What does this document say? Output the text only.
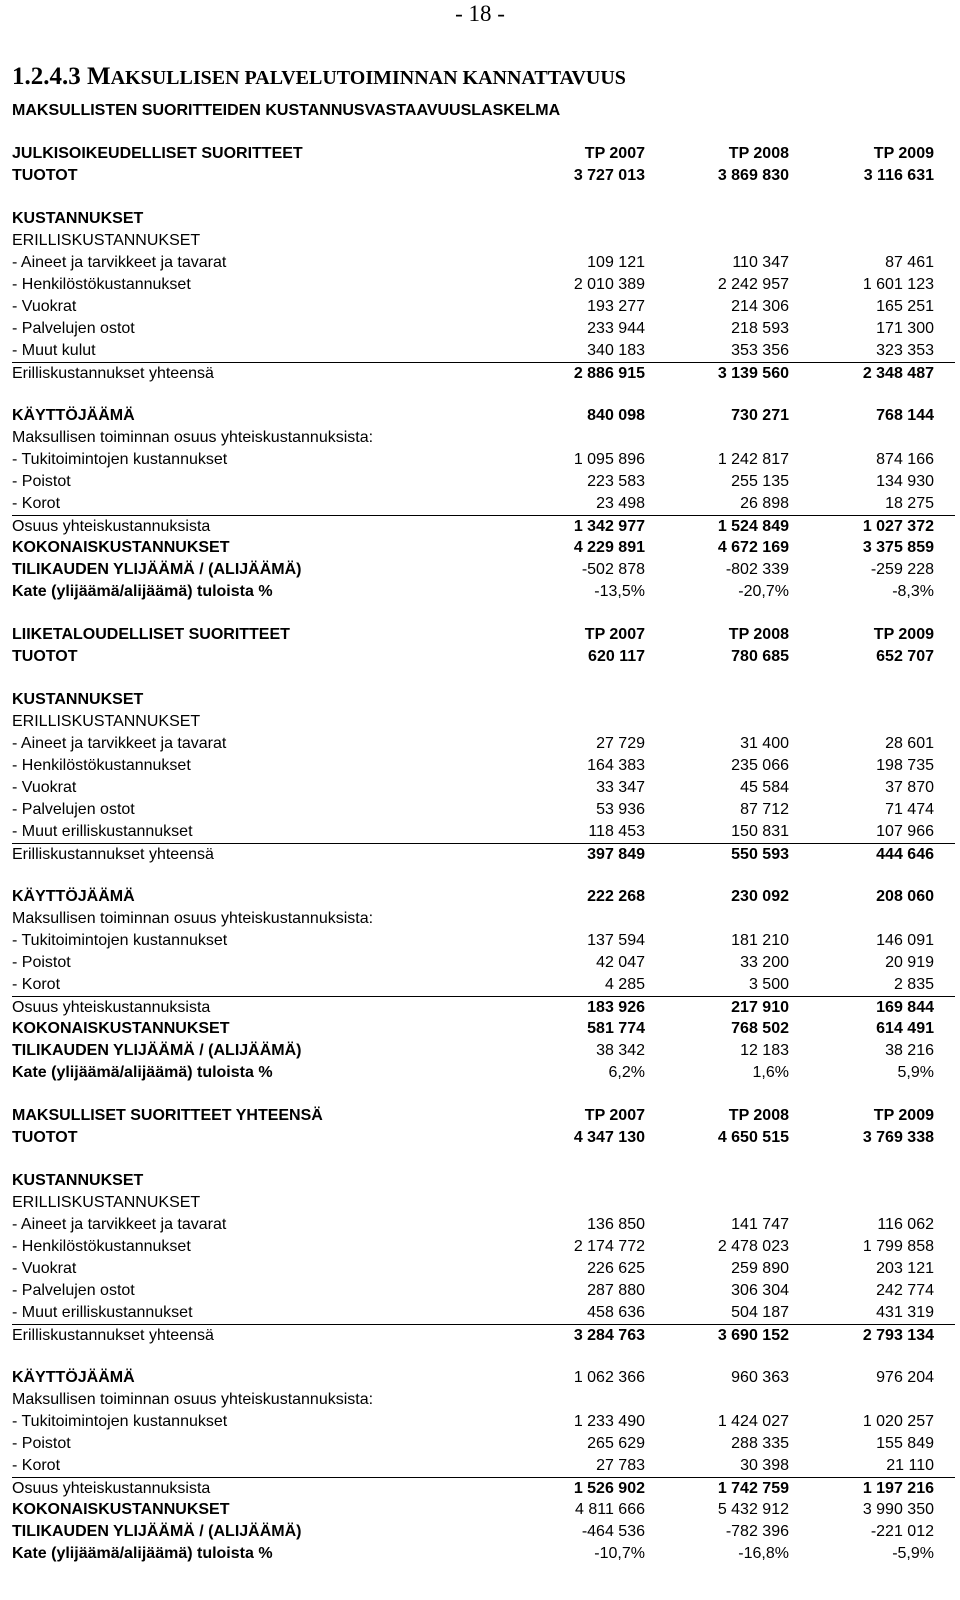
- 18 -
1.2.4.3 MAKSULLISEN PALVELUTOIMINNAN KANNATTAVUUS
MAKSULLISTEN SUORITTEIDEN KUSTANNUSVASTAAVUUSLASKELMA
JULKISOIKEUDELLISET SUORITTEET	TP 2007	TP 2008	TP 2009
TUOTOT	3 727 013	3 869 830	3 116 631
KUSTANNUKSET
ERILLISKUSTANNUKSET
- Aineet ja tarvikkeet ja tavarat	109 121	110 347	87 461
- Henkilöstökustannukset	2 010 389	2 242 957	1 601 123
- Vuokrat	193 277	214 306	165 251
- Palvelujen ostot	233 944	218 593	171 300
- Muut kulut	340 183	353 356	323 353
Erilliskustannukset yhteensä	2 886 915	3 139 560	2 348 487
KÄYTTÖJÄÄMÄ	840 098	730 271	768 144
Maksullisen toiminnan osuus yhteiskustannuksista:
- Tukitoimintojen kustannukset	1 095 896	1 242 817	874 166
- Poistot	223 583	255 135	134 930
- Korot	23 498	26 898	18 275
Osuus yhteiskustannuksista	1 342 977	1 524 849	1 027 372
KOKONAISKUSTANNUKSET	4 229 891	4 672 169	3 375 859
TILIKAUDEN YLIJÄÄMÄ / (ALIJÄÄMÄ)	-502 878	-802 339	-259 228
Kate (ylijäämä/alijäämä) tuloista %	-13,5%	-20,7%	-8,3%
LIIKETALOUDELLISET SUORITTEET	TP 2007	TP 2008	TP 2009
TUOTOT	620 117	780 685	652 707
KUSTANNUKSET
ERILLISKUSTANNUKSET
- Aineet ja tarvikkeet ja tavarat	27 729	31 400	28 601
- Henkilöstökustannukset	164 383	235 066	198 735
- Vuokrat	33 347	45 584	37 870
- Palvelujen ostot	53 936	87 712	71 474
- Muut erilliskustannukset	118 453	150 831	107 966
Erilliskustannukset yhteensä	397 849	550 593	444 646
KÄYTTÖJÄÄMÄ	222 268	230 092	208 060
Maksullisen toiminnan osuus yhteiskustannuksista:
- Tukitoimintojen kustannukset	137 594	181 210	146 091
- Poistot	42 047	33 200	20 919
- Korot	4 285	3 500	2 835
Osuus yhteiskustannuksista	183 926	217 910	169 844
KOKONAISKUSTANNUKSET	581 774	768 502	614 491
TILIKAUDEN YLIJÄÄMÄ / (ALIJÄÄMÄ)	38 342	12 183	38 216
Kate (ylijäämä/alijäämä) tuloista %	6,2%	1,6%	5,9%
MAKSULLISET SUORITTEET YHTEENSÄ	TP 2007	TP 2008	TP 2009
TUOTOT	4 347 130	4 650 515	3 769 338
KUSTANNUKSET
ERILLISKUSTANNUKSET
- Aineet ja tarvikkeet ja tavarat	136 850	141 747	116 062
- Henkilöstökustannukset	2 174 772	2 478 023	1 799 858
- Vuokrat	226 625	259 890	203 121
- Palvelujen ostot	287 880	306 304	242 774
- Muut erilliskustannukset	458 636	504 187	431 319
Erilliskustannukset yhteensä	3 284 763	3 690 152	2 793 134
KÄYTTÖJÄÄMÄ	1 062 366	960 363	976 204
Maksullisen toiminnan osuus yhteiskustannuksista:
- Tukitoimintojen kustannukset	1 233 490	1 424 027	1 020 257
- Poistot	265 629	288 335	155 849
- Korot	27 783	30 398	21 110
Osuus yhteiskustannuksista	1 526 902	1 742 759	1 197 216
KOKONAISKUSTANNUKSET	4 811 666	5 432 912	3 990 350
TILIKAUDEN YLIJÄÄMÄ / (ALIJÄÄMÄ)	-464 536	-782 396	-221 012
Kate (ylijäämä/alijäämä) tuloista %	-10,7%	-16,8%	-5,9%
